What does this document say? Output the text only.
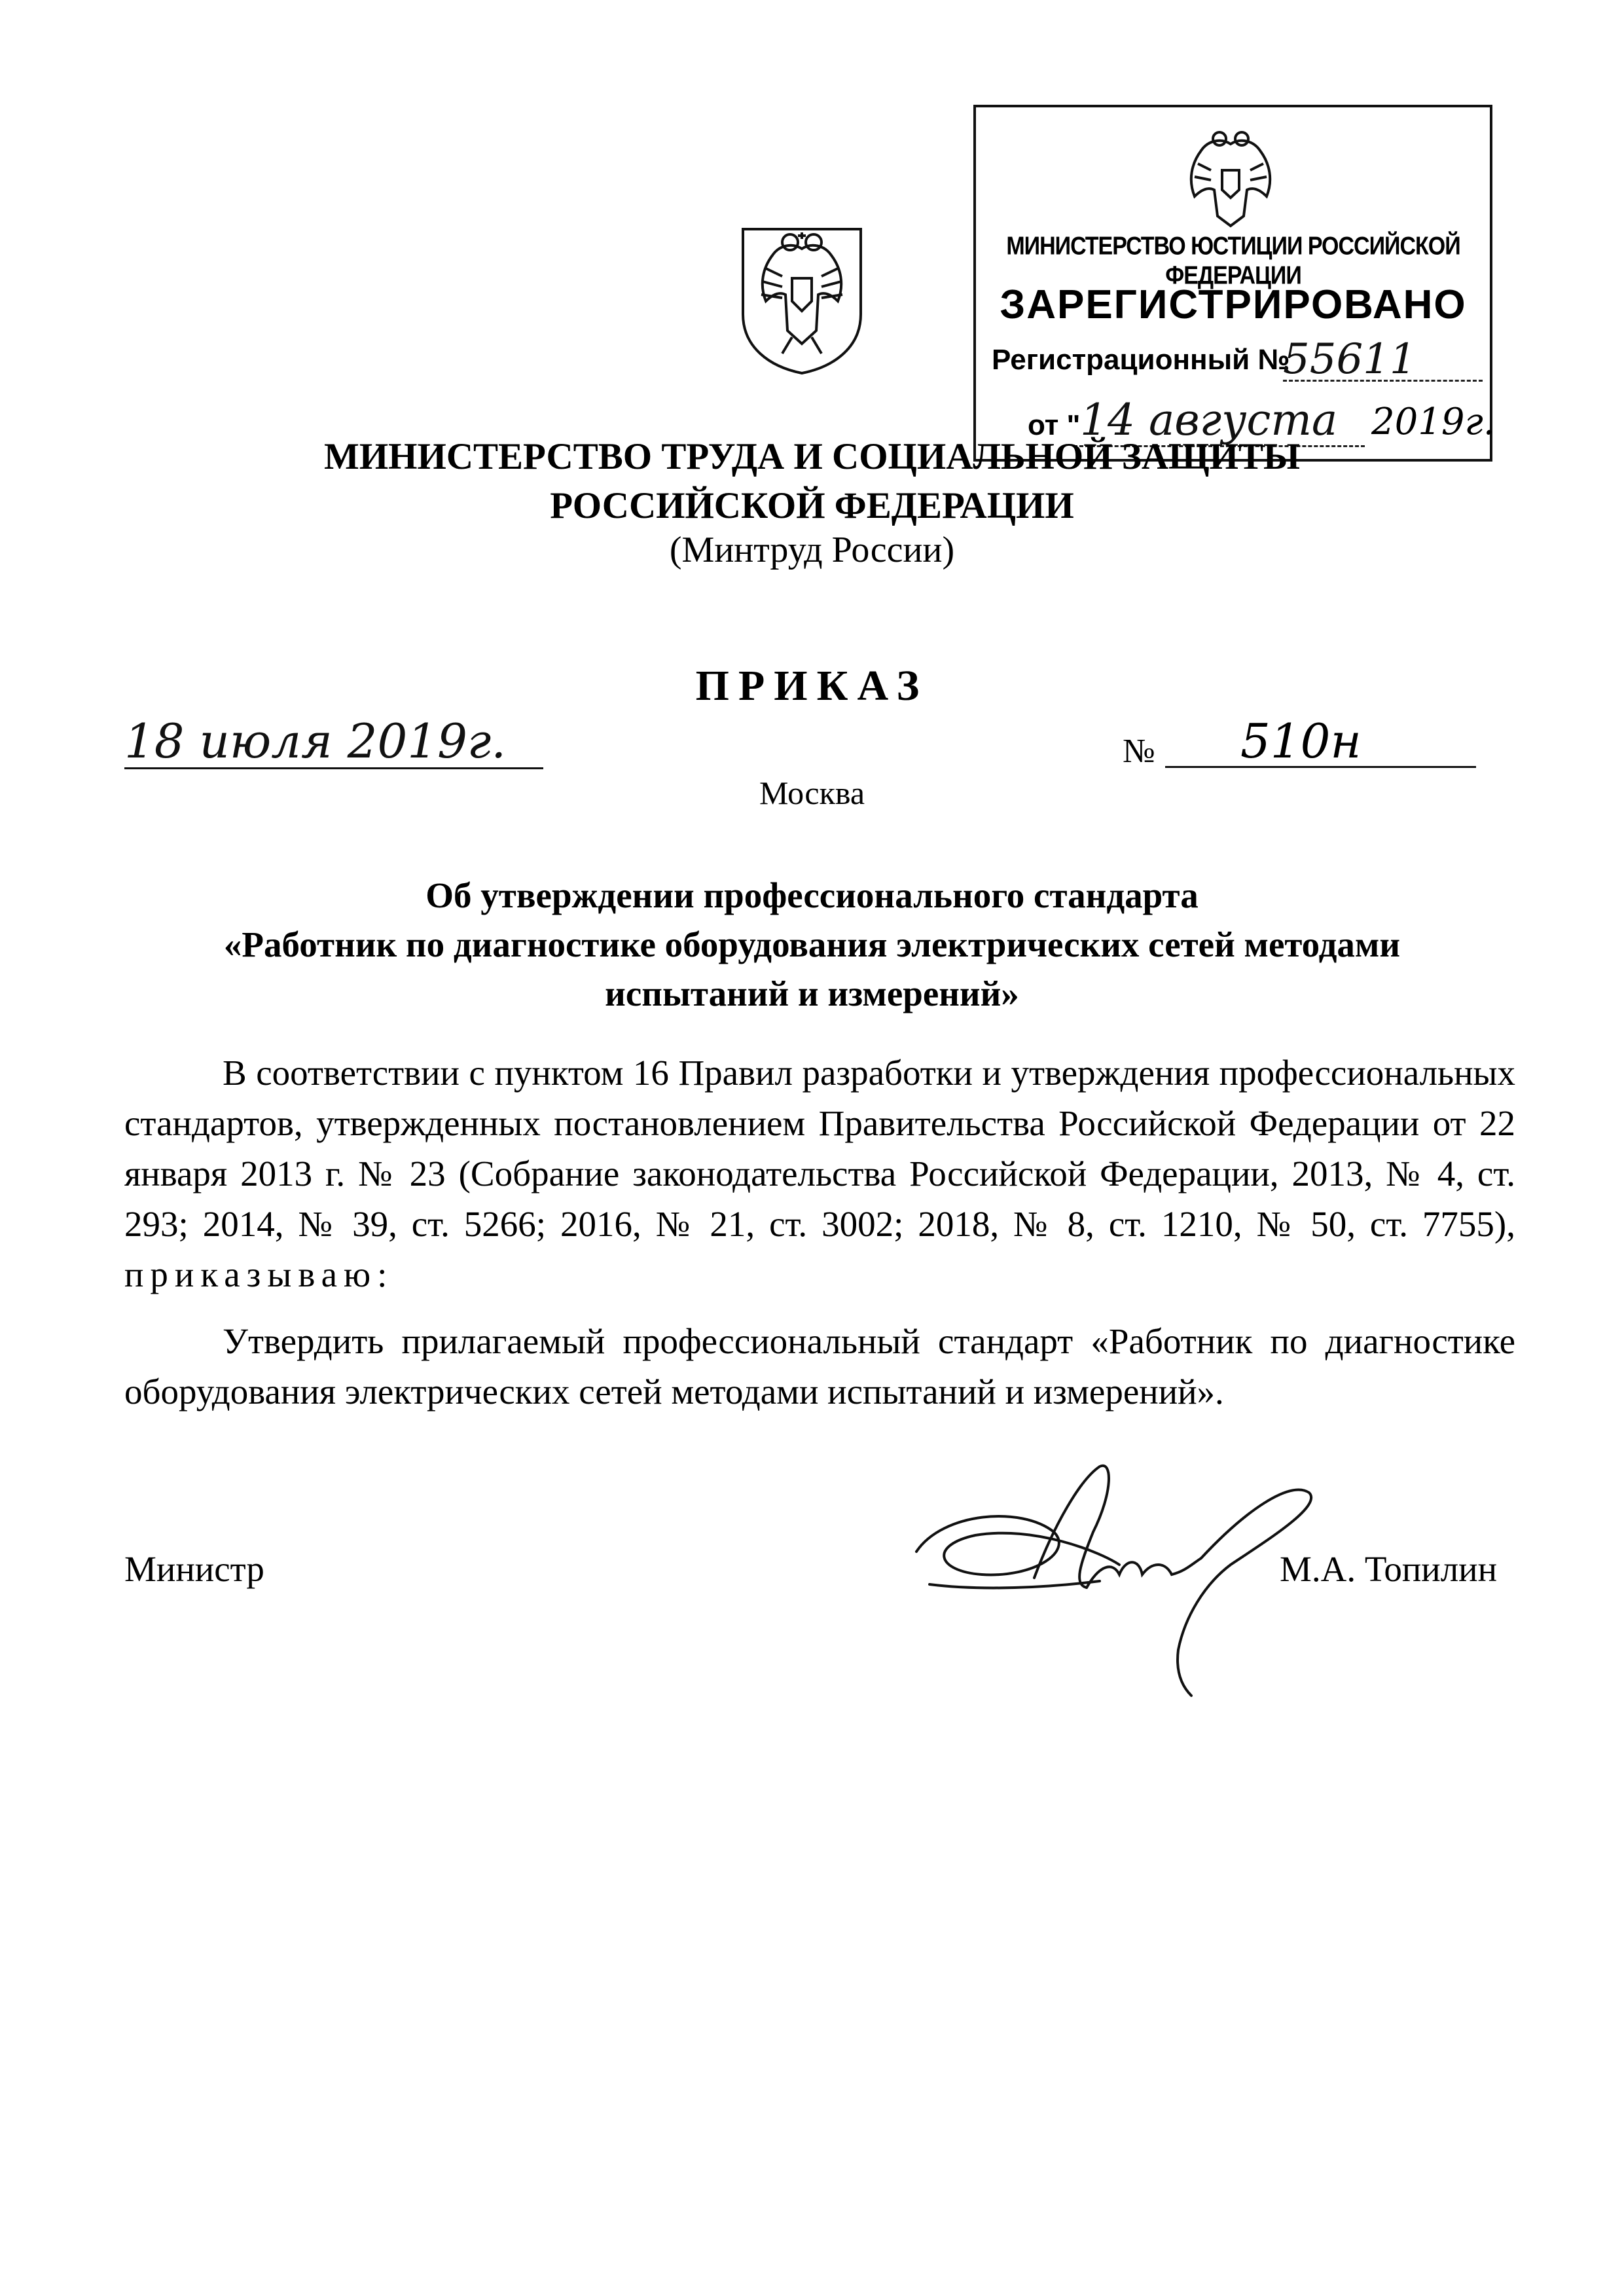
МИНИСТЕРСТВО ЮСТИЦИИ РОССИЙСКОЙ ФЕДЕРАЦИИ
ЗАРЕГИСТРИРОВАНО
Регистрационный №
55611
от " 14 августа 2019г.
МИНИСТЕРСТВО ТРУДА И СОЦИАЛЬНОЙ ЗАЩИТЫ
РОССИЙСКОЙ ФЕДЕРАЦИИ
(Минтруд России)
ПРИКАЗ
18 июля 2019г.	№ 510н
Москва
Об утверждении профессионального стандарта
«Работник по диагностике оборудования электрических сетей методами
испытаний и измерений»
В соответствии с пунктом 16 Правил разработки и утверждения профессиональных стандартов, утвержденных постановлением Правительства Российской Федерации от 22 января 2013 г. № 23 (Собрание законодательства Российской Федерации, 2013, № 4, ст. 293; 2014, № 39, ст. 5266; 2016, № 21, ст. 3002; 2018, № 8, ст. 1210, № 50, ст. 7755), приказываю:
Утвердить прилагаемый профессиональный стандарт «Работник по диагностике оборудования электрических сетей методами испытаний и измерений».
Министр	М.А. Топилин
